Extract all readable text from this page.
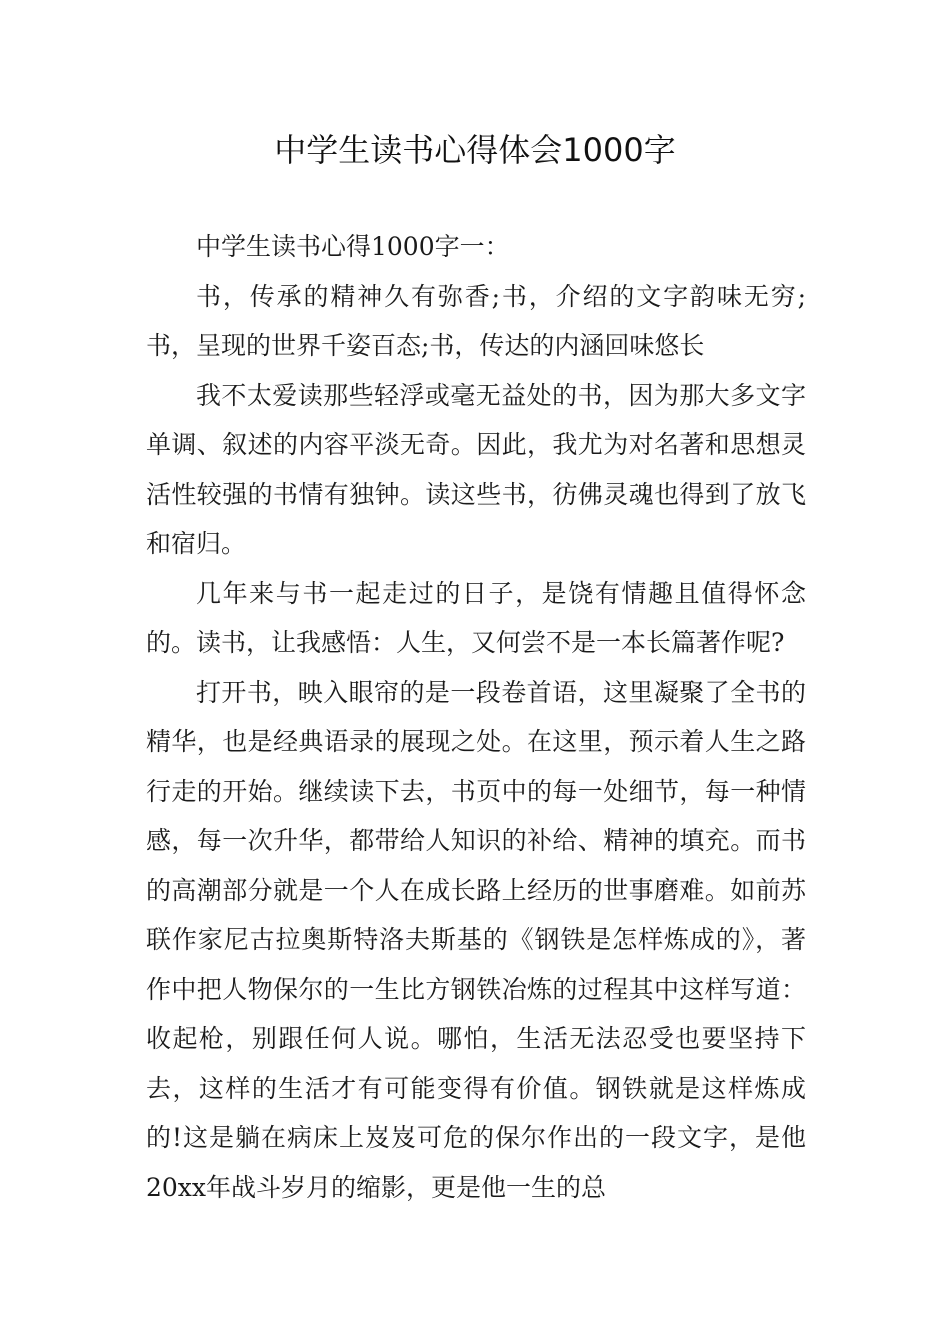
中学生读书心得体会1000字

中学生读书心得1000字一：

书，传承的精神久有弥香;书，介绍的文字韵味无穷;书，呈现的世界千姿百态;书，传达的内涵回味悠长

我不太爱读那些轻浮或毫无益处的书，因为那大多文字单调、叙述的内容平淡无奇。因此，我尤为对名著和思想灵活性较强的书情有独钟。读这些书，彷佛灵魂也得到了放飞和宿归。

几年来与书一起走过的日子，是饶有情趣且值得怀念的。读书，让我感悟：人生，又何尝不是一本长篇著作呢?

打开书，映入眼帘的是一段卷首语，这里凝聚了全书的精华，也是经典语录的展现之处。在这里，预示着人生之路行走的开始。继续读下去，书页中的每一处细节，每一种情感，每一次升华，都带给人知识的补给、精神的填充。而书的高潮部分就是一个人在成长路上经历的世事磨难。如前苏联作家尼古拉奥斯特洛夫斯基的《钢铁是怎样炼成的》，著作中把人物保尔的一生比方钢铁冶炼的过程其中这样写道：收起枪，别跟任何人说。哪怕，生活无法忍受也要坚持下去，这样的生活才有可能变得有价值。钢铁就是这样炼成的!这是躺在病床上岌岌可危的保尔作出的一段文字，是他20xx年战斗岁月的缩影，更是他一生的总
